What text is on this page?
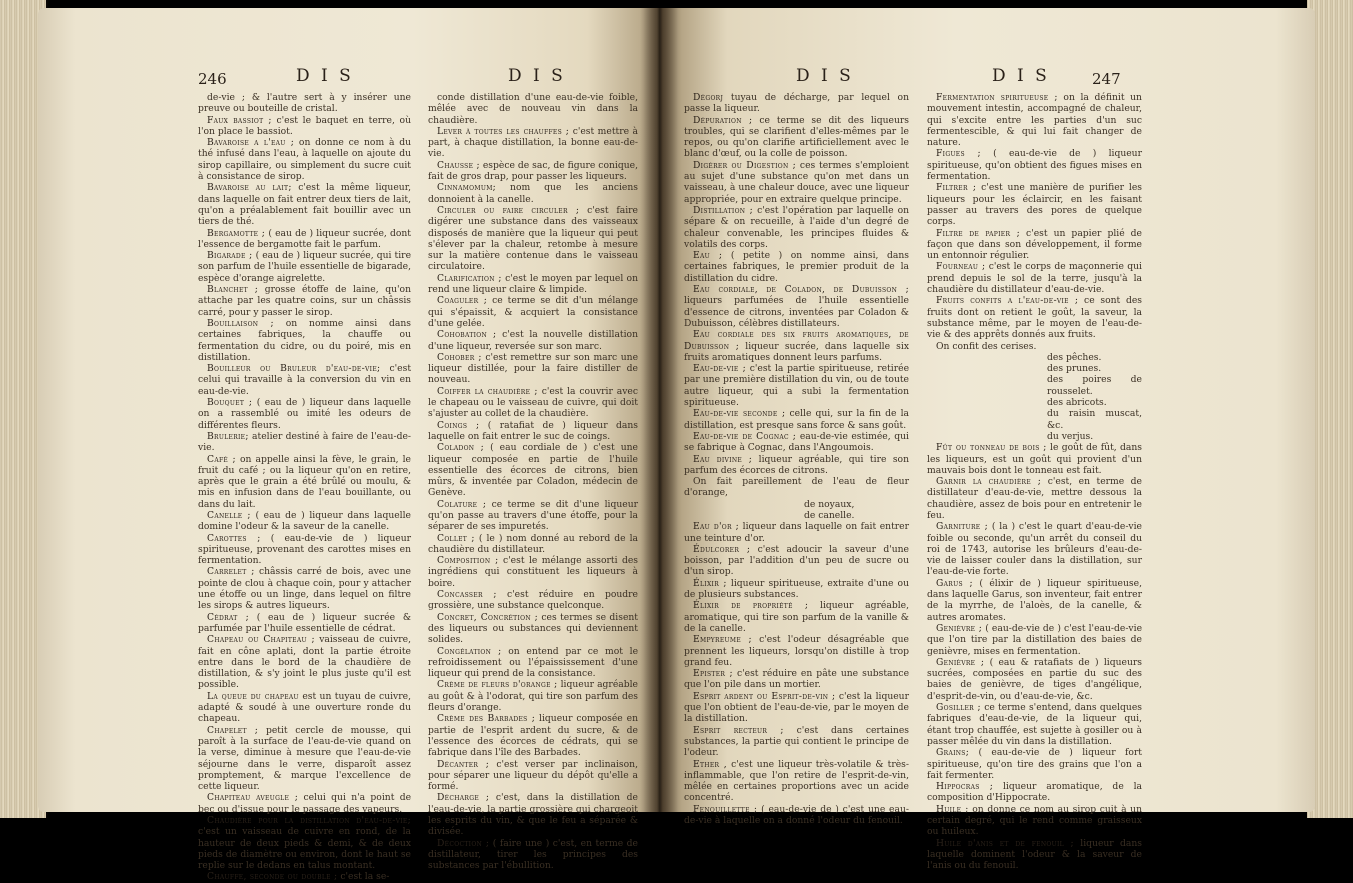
246	D I S	D I S

de-vie ; & l'autre sert à y insérer une preuve ou bouteille de cristal.

Faux bassiot ; c'est le baquet en terre, où l'on place le bassiot.

Bavaroise a l'eau ; on donne ce nom à du thé infusé dans l'eau, à laquelle on ajoute du sirop capillaire, ou simplement du sucre cuit à consistance de sirop.

Bavaroise au lait; c'est la même liqueur, dans laquelle on fait entrer deux tiers de lait, qu'on a préalablement fait bouillir avec un tiers de thé.

Bergamotte ; ( eau de ) liqueur sucrée, dont l'essence de bergamotte fait le parfum.

Bigarade ; ( eau de ) liqueur sucrée, qui tire son parfum de l'huile essentielle de bigarade, espèce d'orange aigrelette.

Blanchet ; grosse étoffe de laine, qu'on attache par les quatre coins, sur un châssis carré, pour y passer le sirop.

Bouillaison ; on nomme ainsi dans certaines fabriques, la chauffe ou fermentation du cidre, ou du poiré, mis en distillation.

Bouilleur ou Bruleur d'eau-de-vie; c'est celui qui travaille à la conversion du vin en eau-de-vie.

Bouquet ; ( eau de ) liqueur dans laquelle on a rassemblé ou imité les odeurs de différentes fleurs.

Brulerie; atelier destiné à faire de l'eau-de-vie.

Café ; on appelle ainsi la fève, le grain, le fruit du café ; ou la liqueur qu'on en retire, après que le grain a été brûlé ou moulu, & mis en infusion dans de l'eau bouillante, ou dans du lait.

Canelle ; ( eau de ) liqueur dans laquelle domine l'odeur & la saveur de la canelle.

Carottes ; ( eau-de-vie de ) liqueur spiritueuse, provenant des carottes mises en fermentation.

Carrelet ; châssis carré de bois, avec une pointe de clou à chaque coin, pour y attacher une étoffe ou un linge, dans lequel on filtre les sirops & autres liqueurs.

Cédrat ; ( eau de ) liqueur sucrée & parfumée par l'huile essentielle de cédrat.

Chapeau ou Chapiteau ; vaisseau de cuivre, fait en cône aplati, dont la partie étroite entre dans le bord de la chaudière de distillation, & s'y joint le plus juste qu'il est possible.

La queue du chapeau est un tuyau de cuivre, adapté & soudé à une ouverture ronde du chapeau.

Chapelet ; petit cercle de mousse, qui paroît à la surface de l'eau-de-vie quand on la verse, diminue à mesure que l'eau-de-vie séjourne dans le verre, disparoît assez promptement, & marque l'excellence de cette liqueur.

Chapiteau aveugle ; celui qui n'a point de bec ou d'issue pour le passage des vapeurs.

Chaudière pour la distillation d'eau-de-vie; c'est un vaisseau de cuivre en rond, de la hauteur de deux pieds & demi, & de deux pieds de diamètre ou environ, dont le haut se replie sur le dedans en talus montant.

Chauffe, seconde ou double ; c'est la se-

conde distillation d'une eau-de-vie foible, mêlée avec de nouveau vin dans la chaudière.

Lever à toutes les chauffes ; c'est mettre à part, à chaque distillation, la bonne eau-de-vie.

Chausse ; espèce de sac, de figure conique, fait de gros drap, pour passer les liqueurs.

Cinnamomum; nom que les anciens donnoient à la canelle.

Circuler ou faire circuler ; c'est faire digérer une substance dans des vaisseaux disposés de manière que la liqueur qui peut s'élever par la chaleur, retombe à mesure sur la matière contenue dans le vaisseau circulatoire.

Clarification ; c'est le moyen par lequel on rend une liqueur claire & limpide.

Coaguler ; ce terme se dit d'un mélange qui s'épaissit, & acquiert la consistance d'une gelée.

Cohobation ; c'est la nouvelle distillation d'une liqueur, reversée sur son marc.

Cohober ; c'est remettre sur son marc une liqueur distillée, pour la faire distiller de nouveau.

Coiffer la chaudière ; c'est la couvrir avec le chapeau ou le vaisseau de cuivre, qui doit s'ajuster au collet de la chaudière.

Coings ; ( ratafiat de ) liqueur dans laquelle on fait entrer le suc de coings.

Coladon ; ( eau cordiale de ) c'est une liqueur composée en partie de l'huile essentielle des écorces de citrons, bien mûrs, & inventée par Coladon, médecin de Genève.

Colature ; ce terme se dit d'une liqueur qu'on passe au travers d'une étoffe, pour la séparer de ses impuretés.

Collet ; ( le ) nom donné au rebord de la chaudière du distillateur.

Composition ; c'est le mélange assorti des ingrédiens qui constituent les liqueurs à boire.

Concasser ; c'est réduire en poudre grossière, une substance quelconque.

Concret, Concrétion ; ces termes se disent des liqueurs ou substances qui deviennent solides.

Congélation ; on entend par ce mot le refroidissement ou l'épaississement d'une liqueur qui prend de la consistance.

Crème de fleurs d'orange ; liqueur agréable au goût & à l'odorat, qui tire son parfum des fleurs d'orange.

Crème des Barbades ; liqueur composée en partie de l'esprit ardent du sucre, & de l'essence des écorces de cédrats, qui se fabrique dans l'île des Barbades.

Décanter ; c'est verser par inclinaison, pour séparer une liqueur du dépôt qu'elle a formé.

Décharge ; c'est, dans la distillation de l'eau-de-vie, la partie grossière qui chargeoit les esprits du vin, & que le feu a séparée & divisée.

Décoction ; ( faire une ) c'est, en terme de distillateur, tirer les principes des substances par l'ébullition.

D I S	D I S	247

Dégorj tuyau de décharge, par lequel on passe la liqueur.

Dépuration ; ce terme se dit des liqueurs troubles, qui se clarifient d'elles-mêmes par le repos, ou qu'on clarifie artificiellement avec le blanc d'œuf, ou la colle de poisson.

Digérer ou Digestion ; ces termes s'emploient au sujet d'une substance qu'on met dans un vaisseau, à une chaleur douce, avec une liqueur appropriée, pour en extraire quelque principe.

Distillation ; c'est l'opération par laquelle on sépare & on recueille, à l'aide d'un degré de chaleur convenable, les principes fluides & volatils des corps.

Eau ; ( petite ) on nomme ainsi, dans certaines fabriques, le premier produit de la distillation du cidre.

Eau cordiale, de Coladon, de Dubuisson ; liqueurs parfumées de l'huile essentielle d'essence de citrons, inventées par Coladon & Dubuisson, célèbres distillateurs.

Eau cordiale des six fruits aromatiques, de Dubuisson ; liqueur sucrée, dans laquelle six fruits aromatiques donnent leurs parfums.

Eau-de-vie ; c'est la partie spiritueuse, retirée par une première distillation du vin, ou de toute autre liqueur, qui a subi la fermentation spiritueuse.

Eau-de-vie seconde ; celle qui, sur la fin de la distillation, est presque sans force & sans goût.

Eau-de-vie de Cognac ; eau-de-vie estimée, qui se fabrique à Cognac, dans l'Angoumois.

Eau divine ; liqueur agréable, qui tire son parfum des écorces de citrons.

On fait pareillement de l'eau de fleur d'orange,

de noyaux,

de canelle.

Eau d'or ; liqueur dans laquelle on fait entrer une teinture d'or.

Édulcorer ; c'est adoucir la saveur d'une boisson, par l'addition d'un peu de sucre ou d'un sirop.

Élixir ; liqueur spiritueuse, extraite d'une ou de plusieurs substances.

Élixir de propriété ; liqueur agréable, aromatique, qui tire son parfum de la vanille & de la canelle.

Empyreume ; c'est l'odeur désagréable que prennent les liqueurs, lorsqu'on distille à trop grand feu.

Epister ; c'est réduire en pâte une substance que l'on pile dans un mortier.

Esprit ardent ou Esprit-de-vin ; c'est la liqueur que l'on obtient de l'eau-de-vie, par le moyen de la distillation.

Esprit recteur ; c'est dans certaines substances, la partie qui contient le principe de l'odeur.

Ether , c'est une liqueur très-volatile & très-inflammable, que l'on retire de l'esprit-de-vin, mêlée en certaines proportions avec un acide concentré.

Fenouillette ; ( eau-de-vie de ) c'est une eau-de-vie à laquelle on a donné l'odeur du fenouil.

Fermentation spiritueuse ; on la définit un mouvement intestin, accompagné de chaleur, qui s'excite entre les parties d'un suc fermentescible, & qui lui fait changer de nature.

Figues ; ( eau-de-vie de ) liqueur spiritueuse, qu'on obtient des figues mises en fermentation.

Filtrer ; c'est une manière de purifier les liqueurs pour les éclaircir, en les faisant passer au travers des pores de quelque corps.

Filtre de papier ; c'est un papier plié de façon que dans son développement, il forme un entonnoir régulier.

Fourneau ; c'est le corps de maçonnerie qui prend depuis le sol de la terre, jusqu'à la chaudière du distillateur d'eau-de-vie.

Fruits confits a l'eau-de-vie ; ce sont des fruits dont on retient le goût, la saveur, la substance même, par le moyen de l'eau-de-vie & des apprêts donnés aux fruits.

On confit des cerises.

des pêches.

des prunes.

des poires de rousselet.

des abricots.

du raisin muscat, &c.

du verjus.

Fût ou tonneau de bois ; le goût de fût, dans les liqueurs, est un goût qui provient d'un mauvais bois dont le tonneau est fait.

Garnir la chaudière ; c'est, en terme de distillateur d'eau-de-vie, mettre dessous la chaudière, assez de bois pour en entretenir le feu.

Garniture ; ( la ) c'est le quart d'eau-de-vie foible ou seconde, qu'un arrêt du conseil du roi de 1743, autorise les brûleurs d'eau-de-vie de laisser couler dans la distillation, sur l'eau-de-vie forte.

Garus ; ( élixir de ) liqueur spiritueuse, dans laquelle Garus, son inventeur, fait entrer de la myrrhe, de l'aloès, de la canelle, & autres aromates.

Genièvre ; ( eau-de-vie de ) c'est l'eau-de-vie que l'on tire par la distillation des baies de genièvre, mises en fermentation.

Genièvre ; ( eau & ratafiats de ) liqueurs sucrées, composées en partie du suc des baies de genièvre, de tiges d'angélique, d'esprit-de-vin, ou d'eau-de-vie, &c.

Gosiller ; ce terme s'entend, dans quelques fabriques d'eau-de-vie, de la liqueur qui, étant trop chauffée, est sujette à gosiller ou à passer mêlée du vin dans la distillation.

Grains; ( eau-de-vie de ) liqueur fort spiritueuse, qu'on tire des grains que l'on a fait fermenter.

Hippocras ; liqueur aromatique, de la composition d'Hippocrate.

Huile ; on donne ce nom au sirop cuit à un certain degré, qui le rend comme graisseux ou huileux.

Huile d'anis et de fenouil ; liqueur dans laquelle dominent l'odeur & la saveur de l'anis ou du fenouil.
